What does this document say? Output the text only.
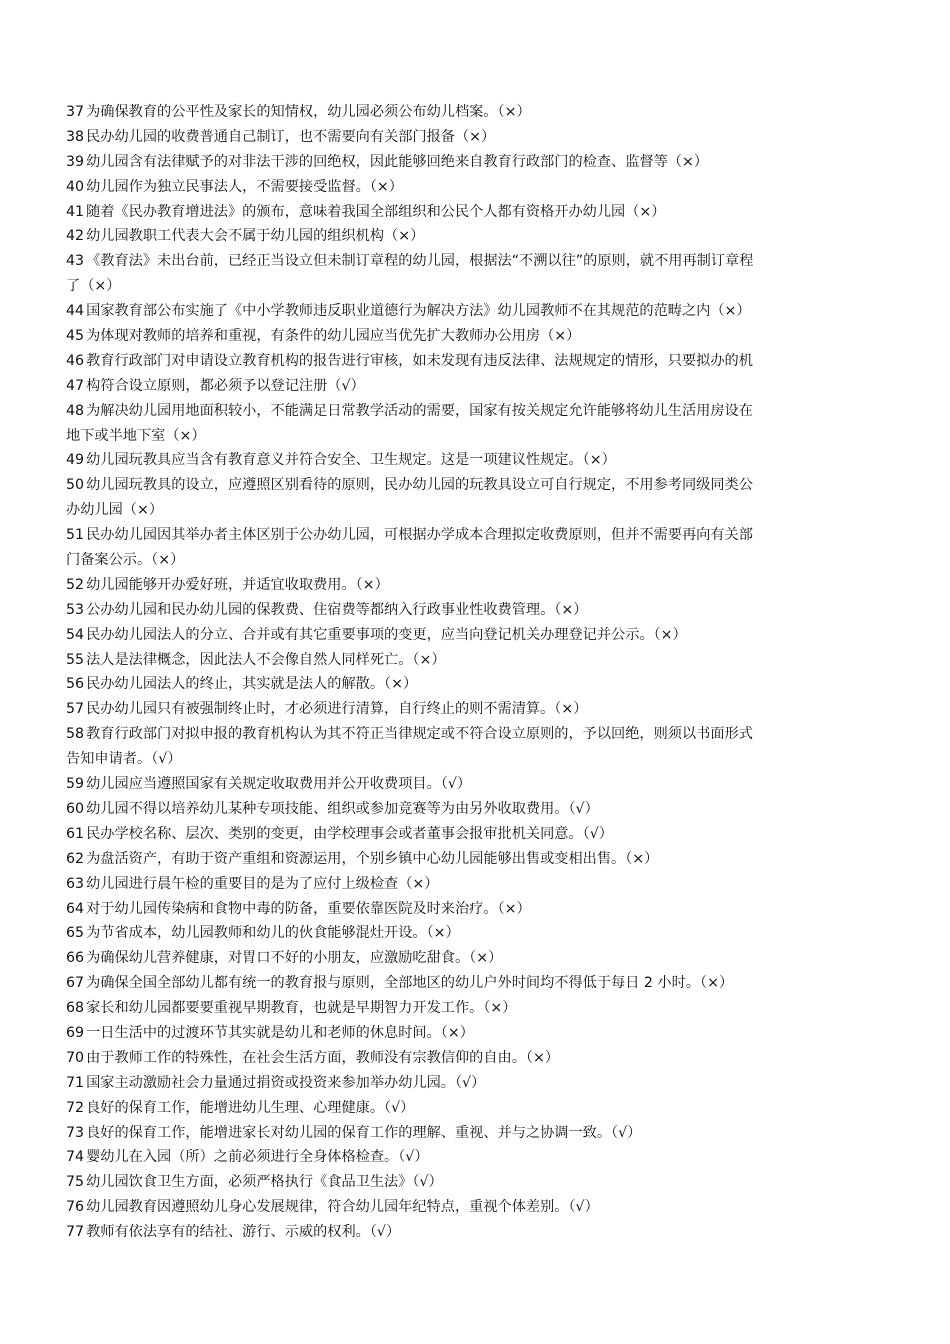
37 为确保教育的公平性及家长的知情权，幼儿园必须公布幼儿档案。（×）
38 民办幼儿园的收费普通自己制订，也不需要向有关部门报备（×）
39 幼儿园含有法律赋予的对非法干涉的回绝权，因此能够回绝来自教育行政部门的检查、监督等（×）
40 幼儿园作为独立民事法人，不需要接受监督。（×）
41 随着《民办教育增进法》的颁布，意味着我国全部组织和公民个人都有资格开办幼儿园（×）
42 幼儿园教职工代表大会不属于幼儿园的组织机构（×）
43 《教育法》未出台前，已经正当设立但未制订章程的幼儿园，根据法“不溯以往”的原则，就不用再制订章程
了（×）
44 国家教育部公布实施了《中小学教师违反职业道德行为解决方法》幼儿园教师不在其规范的范畴之内（×）
45 为体现对教师的培养和重视，有条件的幼儿园应当优先扩大教师办公用房（×）
46 教育行政部门对申请设立教育机构的报告进行审核，如未发现有违反法律、法规规定的情形，只要拟办的机
47 构符合设立原则，都必须予以登记注册（√）
48 为解决幼儿园用地面积较小，不能满足日常教学活动的需要，国家有按关规定允许能够将幼儿生活用房设在
地下或半地下室（×）
49 幼儿园玩教具应当含有教育意义并符合安全、卫生规定。这是一项建议性规定。（×）
50 幼儿园玩教具的设立，应遵照区别看待的原则，民办幼儿园的玩教具设立可自行规定，不用参考同级同类公
办幼儿园（×）
51 民办幼儿园因其举办者主体区别于公办幼儿园，可根据办学成本合理拟定收费原则，但并不需要再向有关部
门备案公示。（×）
52 幼儿园能够开办爱好班，并适宜收取费用。（×）
53 公办幼儿园和民办幼儿园的保教费、住宿费等都纳入行政事业性收费管理。（×）
54 民办幼儿园法人的分立、合并或有其它重要事项的变更，应当向登记机关办理登记并公示。（×）
55 法人是法律概念，因此法人不会像自然人同样死亡。（×）
56 民办幼儿园法人的终止，其实就是法人的解散。（×）
57 民办幼儿园只有被强制终止时，才必须进行清算，自行终止的则不需清算。（×）
58 教育行政部门对拟申报的教育机构认为其不符正当律规定或不符合设立原则的，予以回绝，则须以书面形式
告知申请者。（√）
59 幼儿园应当遵照国家有关规定收取费用并公开收费项目。（√）
60 幼儿园不得以培养幼儿某种专项技能、组织或参加竞赛等为由另外收取费用。（√）
61 民办学校名称、层次、类别的变更，由学校理事会或者董事会报审批机关同意。（√）
62 为盘活资产，有助于资产重组和资源运用，个别乡镇中心幼儿园能够出售或变相出售。（×）
63 幼儿园进行晨午检的重要目的是为了应付上级检查（×）
64 对于幼儿园传染病和食物中毒的防备，重要依靠医院及时来治疗。（×）
65 为节省成本，幼儿园教师和幼儿的伙食能够混灶开设。（×）
66 为确保幼儿营养健康，对胃口不好的小朋友，应激励吃甜食。（×）
67 为确保全国全部幼儿都有统一的教育报与原则，全部地区的幼儿户外时间均不得低于每日 2 小时。（×）
68 家长和幼儿园都要要重视早期教育，也就是早期智力开发工作。（×）
69 一日生活中的过渡环节其实就是幼儿和老师的休息时间。（×）
70 由于教师工作的特殊性，在社会生活方面，教师没有宗教信仰的自由。（×）
71 国家主动激励社会力量通过捐资或投资来参加举办幼儿园。（√）
72 良好的保育工作，能增进幼儿生理、心理健康。（√）
73 良好的保育工作，能增进家长对幼儿园的保育工作的理解、重视、并与之协调一致。（√）
74 婴幼儿在入园（所）之前必须进行全身体格检查。（√）
75 幼儿园饮食卫生方面，必须严格执行《食品卫生法》（√）
76 幼儿园教育因遵照幼儿身心发展规律，符合幼儿园年纪特点，重视个体差别。（√）
77 教师有依法享有的结社、游行、示威的权利。（√）
